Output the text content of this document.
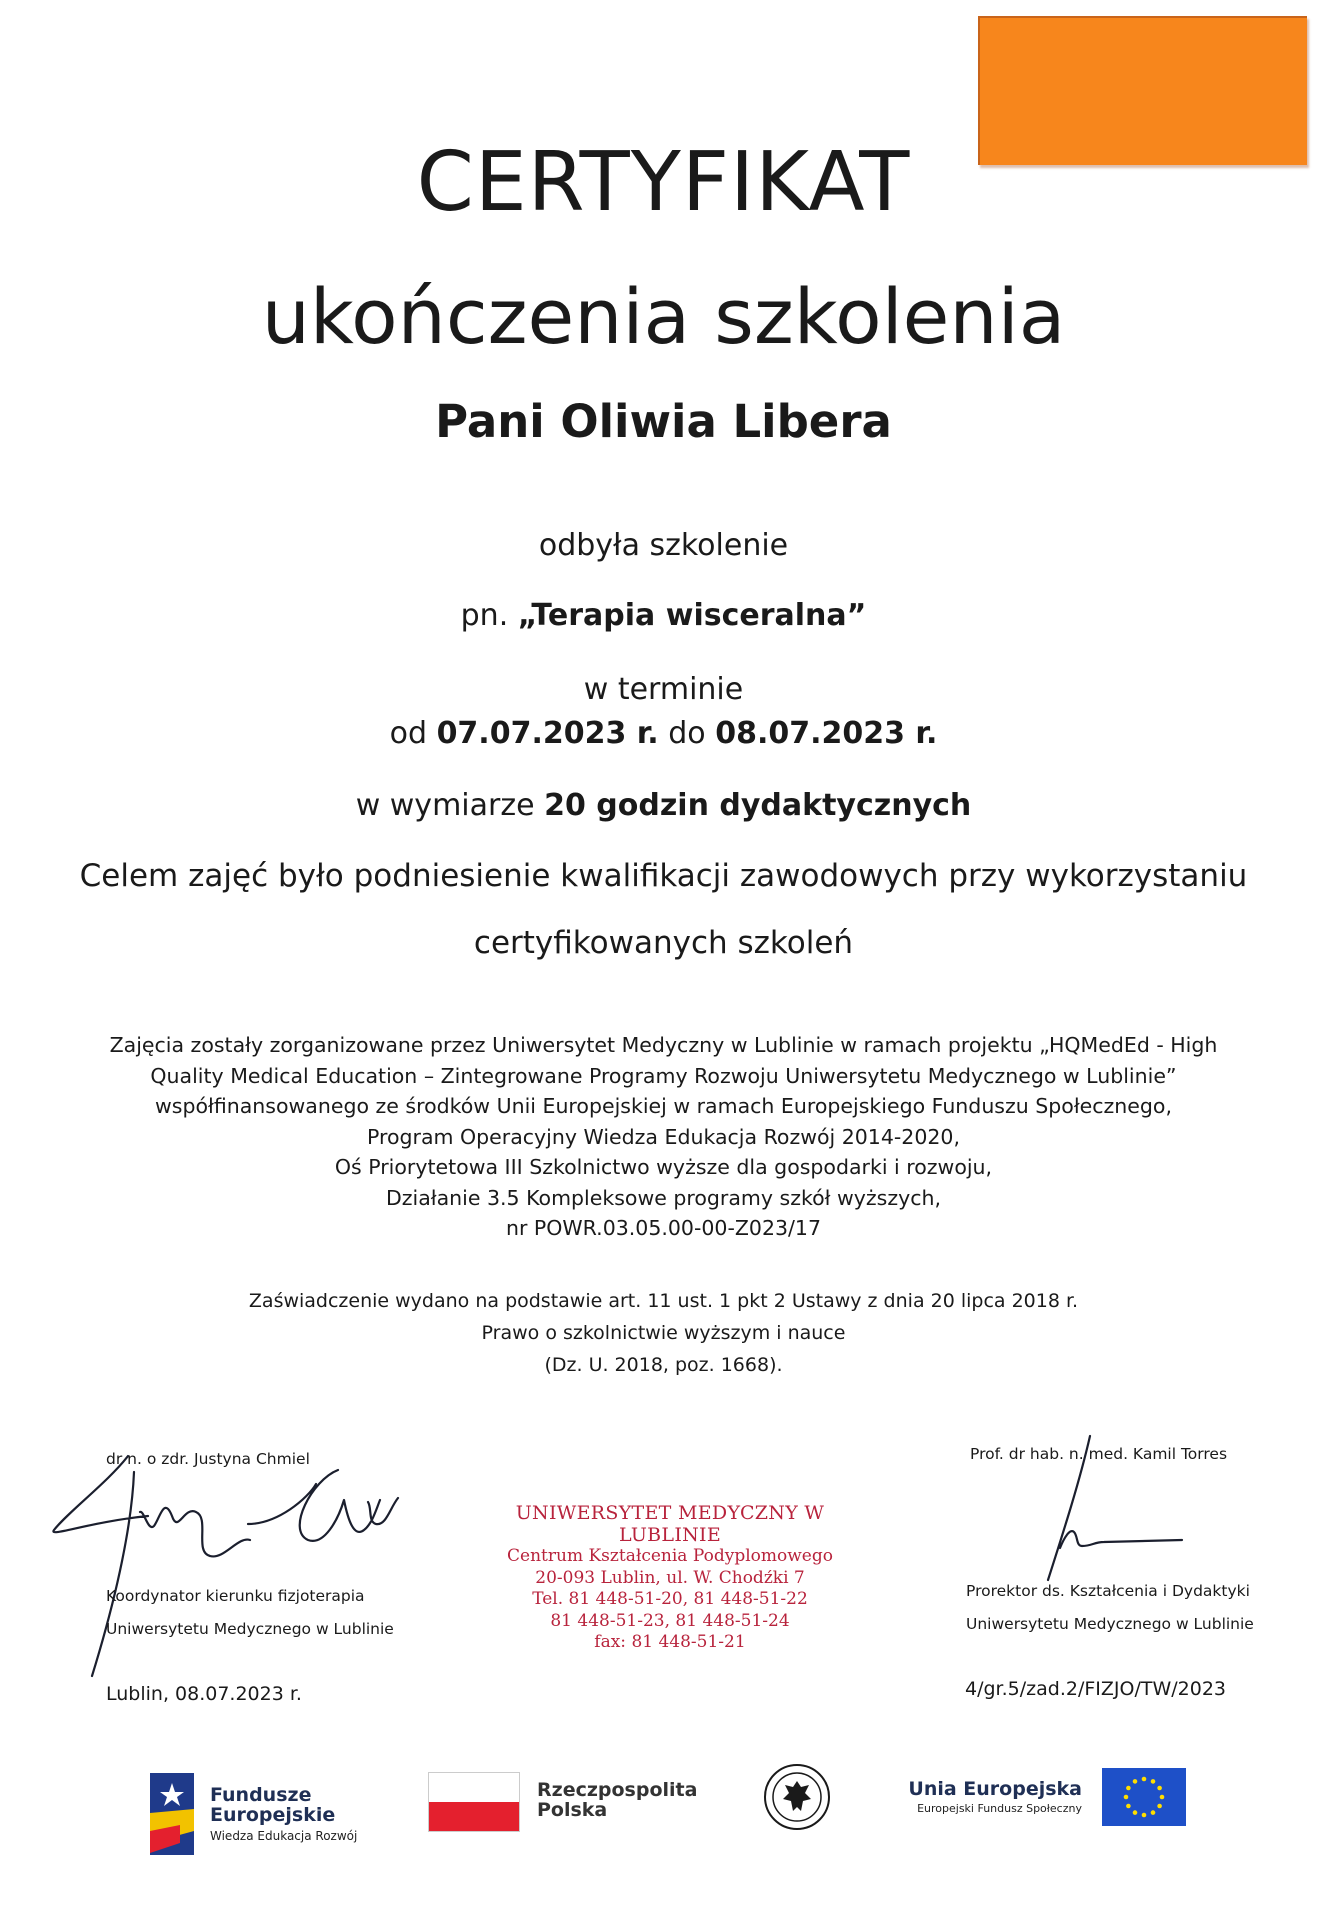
CERTYFIKAT
ukończenia szkolenia
Pani Oliwia Libera
odbyła szkolenie
pn. „Terapia wisceralna”
w terminie
od 07.07.2023 r. do 08.07.2023 r.
w wymiarze 20 godzin dydaktycznych
Celem zajęć było podniesienie kwalifikacji zawodowych przy wykorzystaniu
certyfikowanych szkoleń
Zajęcia zostały zorganizowane przez Uniwersytet Medyczny w Lublinie w ramach projektu „HQMedEd - High
Quality Medical Education – Zintegrowane Programy Rozwoju Uniwersytetu Medycznego w Lublinie”
współfinansowanego ze środków Unii Europejskiej w ramach Europejskiego Funduszu Społecznego,
Program Operacyjny Wiedza Edukacja Rozwój 2014-2020,
Oś Priorytetowa III Szkolnictwo wyższe dla gospodarki i rozwoju,
Działanie 3.5 Kompleksowe programy szkół wyższych,
nr POWR.03.05.00-00-Z023/17
Zaświadczenie wydano na podstawie art. 11 ust. 1 pkt 2 Ustawy z dnia 20 lipca 2018 r.
Prawo o szkolnictwie wyższym i nauce
(Dz. U. 2018, poz. 1668).
dr n. o zdr. Justyna Chmiel
Koordynator kierunku fizjoterapia
Uniwersytetu Medycznego w Lublinie
Lublin, 08.07.2023 r.
UNIWERSYTET MEDYCZNY W LUBLINIE
Centrum Kształcenia Podyplomowego
20-093 Lublin, ul. W. Chodźki 7
Tel. 81 448-51-20, 81 448-51-22
81 448-51-23, 81 448-51-24
fax: 81 448-51-21
Prof. dr hab. n. med. Kamil Torres
Prorektor ds. Kształcenia i Dydaktyki
Uniwersytetu Medycznego w Lublinie
4/gr.5/zad.2/FIZJO/TW/2023
Fundusze
Europejskie
Wiedza Edukacja Rozwój
Rzeczpospolita
Polska
Unia Europejska
Europejski Fundusz Społeczny
